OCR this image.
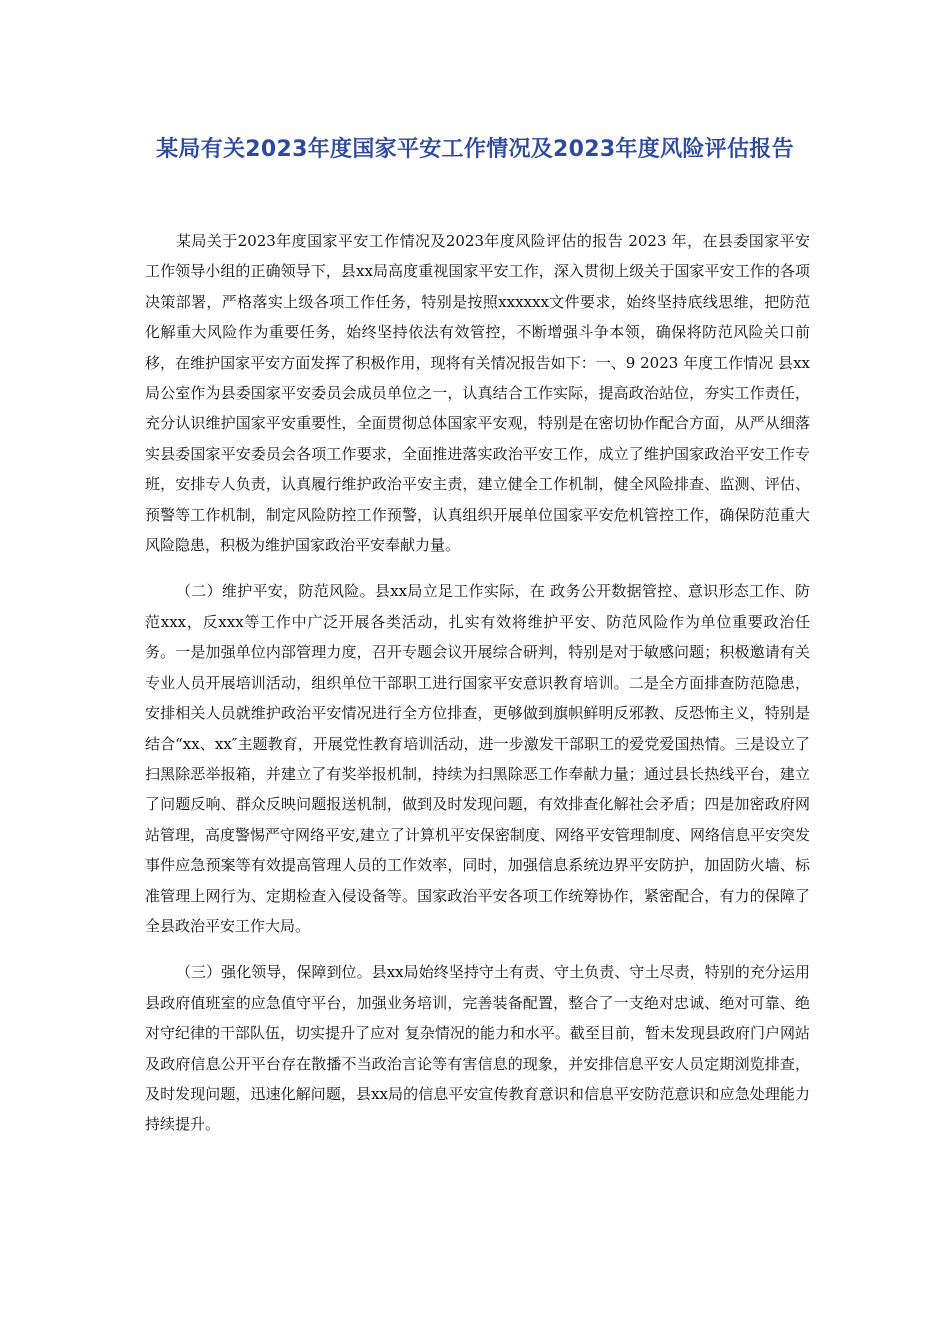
某局有关2023年度国家平安工作情况及2023年度风险评估报告

某局关于2023年度国家平安工作情况及2023年度风险评估的报告 2023 年，在县委国家平安工作领导小组的正确领导下，县xx局高度重视国家平安工作，深入贯彻上级关于国家平安工作的各项决策部署，严格落实上级各项工作任务，特别是按照xxxxxx文件要求，始终坚持底线思维，把防范化解重大风险作为重要任务，始终坚持依法有效管控，不断增强斗争本领，确保将防范风险关口前移，在维护国家平安方面发挥了积极作用，现将有关情况报告如下：一、9 2023 年度工作情况 县xx局公室作为县委国家平安委员会成员单位之一，认真结合工作实际，提高政治站位，夯实工作责任，充分认识维护国家平安重要性，全面贯彻总体国家平安观，特别是在密切协作配合方面，从严从细落实县委国家平安委员会各项工作要求，全面推进落实政治平安工作，成立了维护国家政治平安工作专班，安排专人负责，认真履行维护政治平安主责，建立健全工作机制，健全风险排查、监测、评估、预警等工作机制，制定风险防控工作预警，认真组织开展单位国家平安危机管控工作，确保防范重大风险隐患，积极为维护国家政治平安奉献力量。

（二）维护平安，防范风险。县xx局立足工作实际，在 政务公开数据管控、意识形态工作、防范xxx，反xxx等工作中广泛开展各类活动，扎实有效将维护平安、防范风险作为单位重要政治任务。一是加强单位内部管理力度，召开专题会议开展综合研判，特别是对于敏感问题；积极邀请有关专业人员开展培训活动，组织单位干部职工进行国家平安意识教育培训。二是全方面排查防范隐患，安排相关人员就维护政治平安情况进行全方位排查，更够做到旗帜鲜明反邪教、反恐怖主义，特别是结合“xx、xx″主题教育，开展党性教育培训活动，进一步激发干部职工的爱党爱国热情。三是设立了扫黑除恶举报箱，并建立了有奖举报机制，持续为扫黑除恶工作奉献力量；通过县长热线平台，建立了问题反响、群众反映问题报送机制，做到及时发现问题，有效排查化解社会矛盾；四是加密政府网站管理，高度警惕严守网络平安,建立了计算机平安保密制度、网络平安管理制度、网络信息平安突发事件应急预案等有效提高管理人员的工作效率，同时，加强信息系统边界平安防护，加固防火墙、标准管理上网行为、定期检查入侵设备等。国家政治平安各项工作统筹协作，紧密配合，有力的保障了全县政治平安工作大局。

（三）强化领导，保障到位。县xx局始终坚持守土有责、守土负责、守土尽责，特别的充分运用县政府值班室的应急值守平台，加强业务培训，完善装备配置，整合了一支绝对忠诚、绝对可靠、绝对守纪律的干部队伍，切实提升了应对 复杂情况的能力和水平。截至目前，暂未发现县政府门户网站及政府信息公开平台存在散播不当政治言论等有害信息的现象，并安排信息平安人员定期浏览排查，及时发现问题，迅速化解问题，县xx局的信息平安宣传教育意识和信息平安防范意识和应急处理能力持续提升。
